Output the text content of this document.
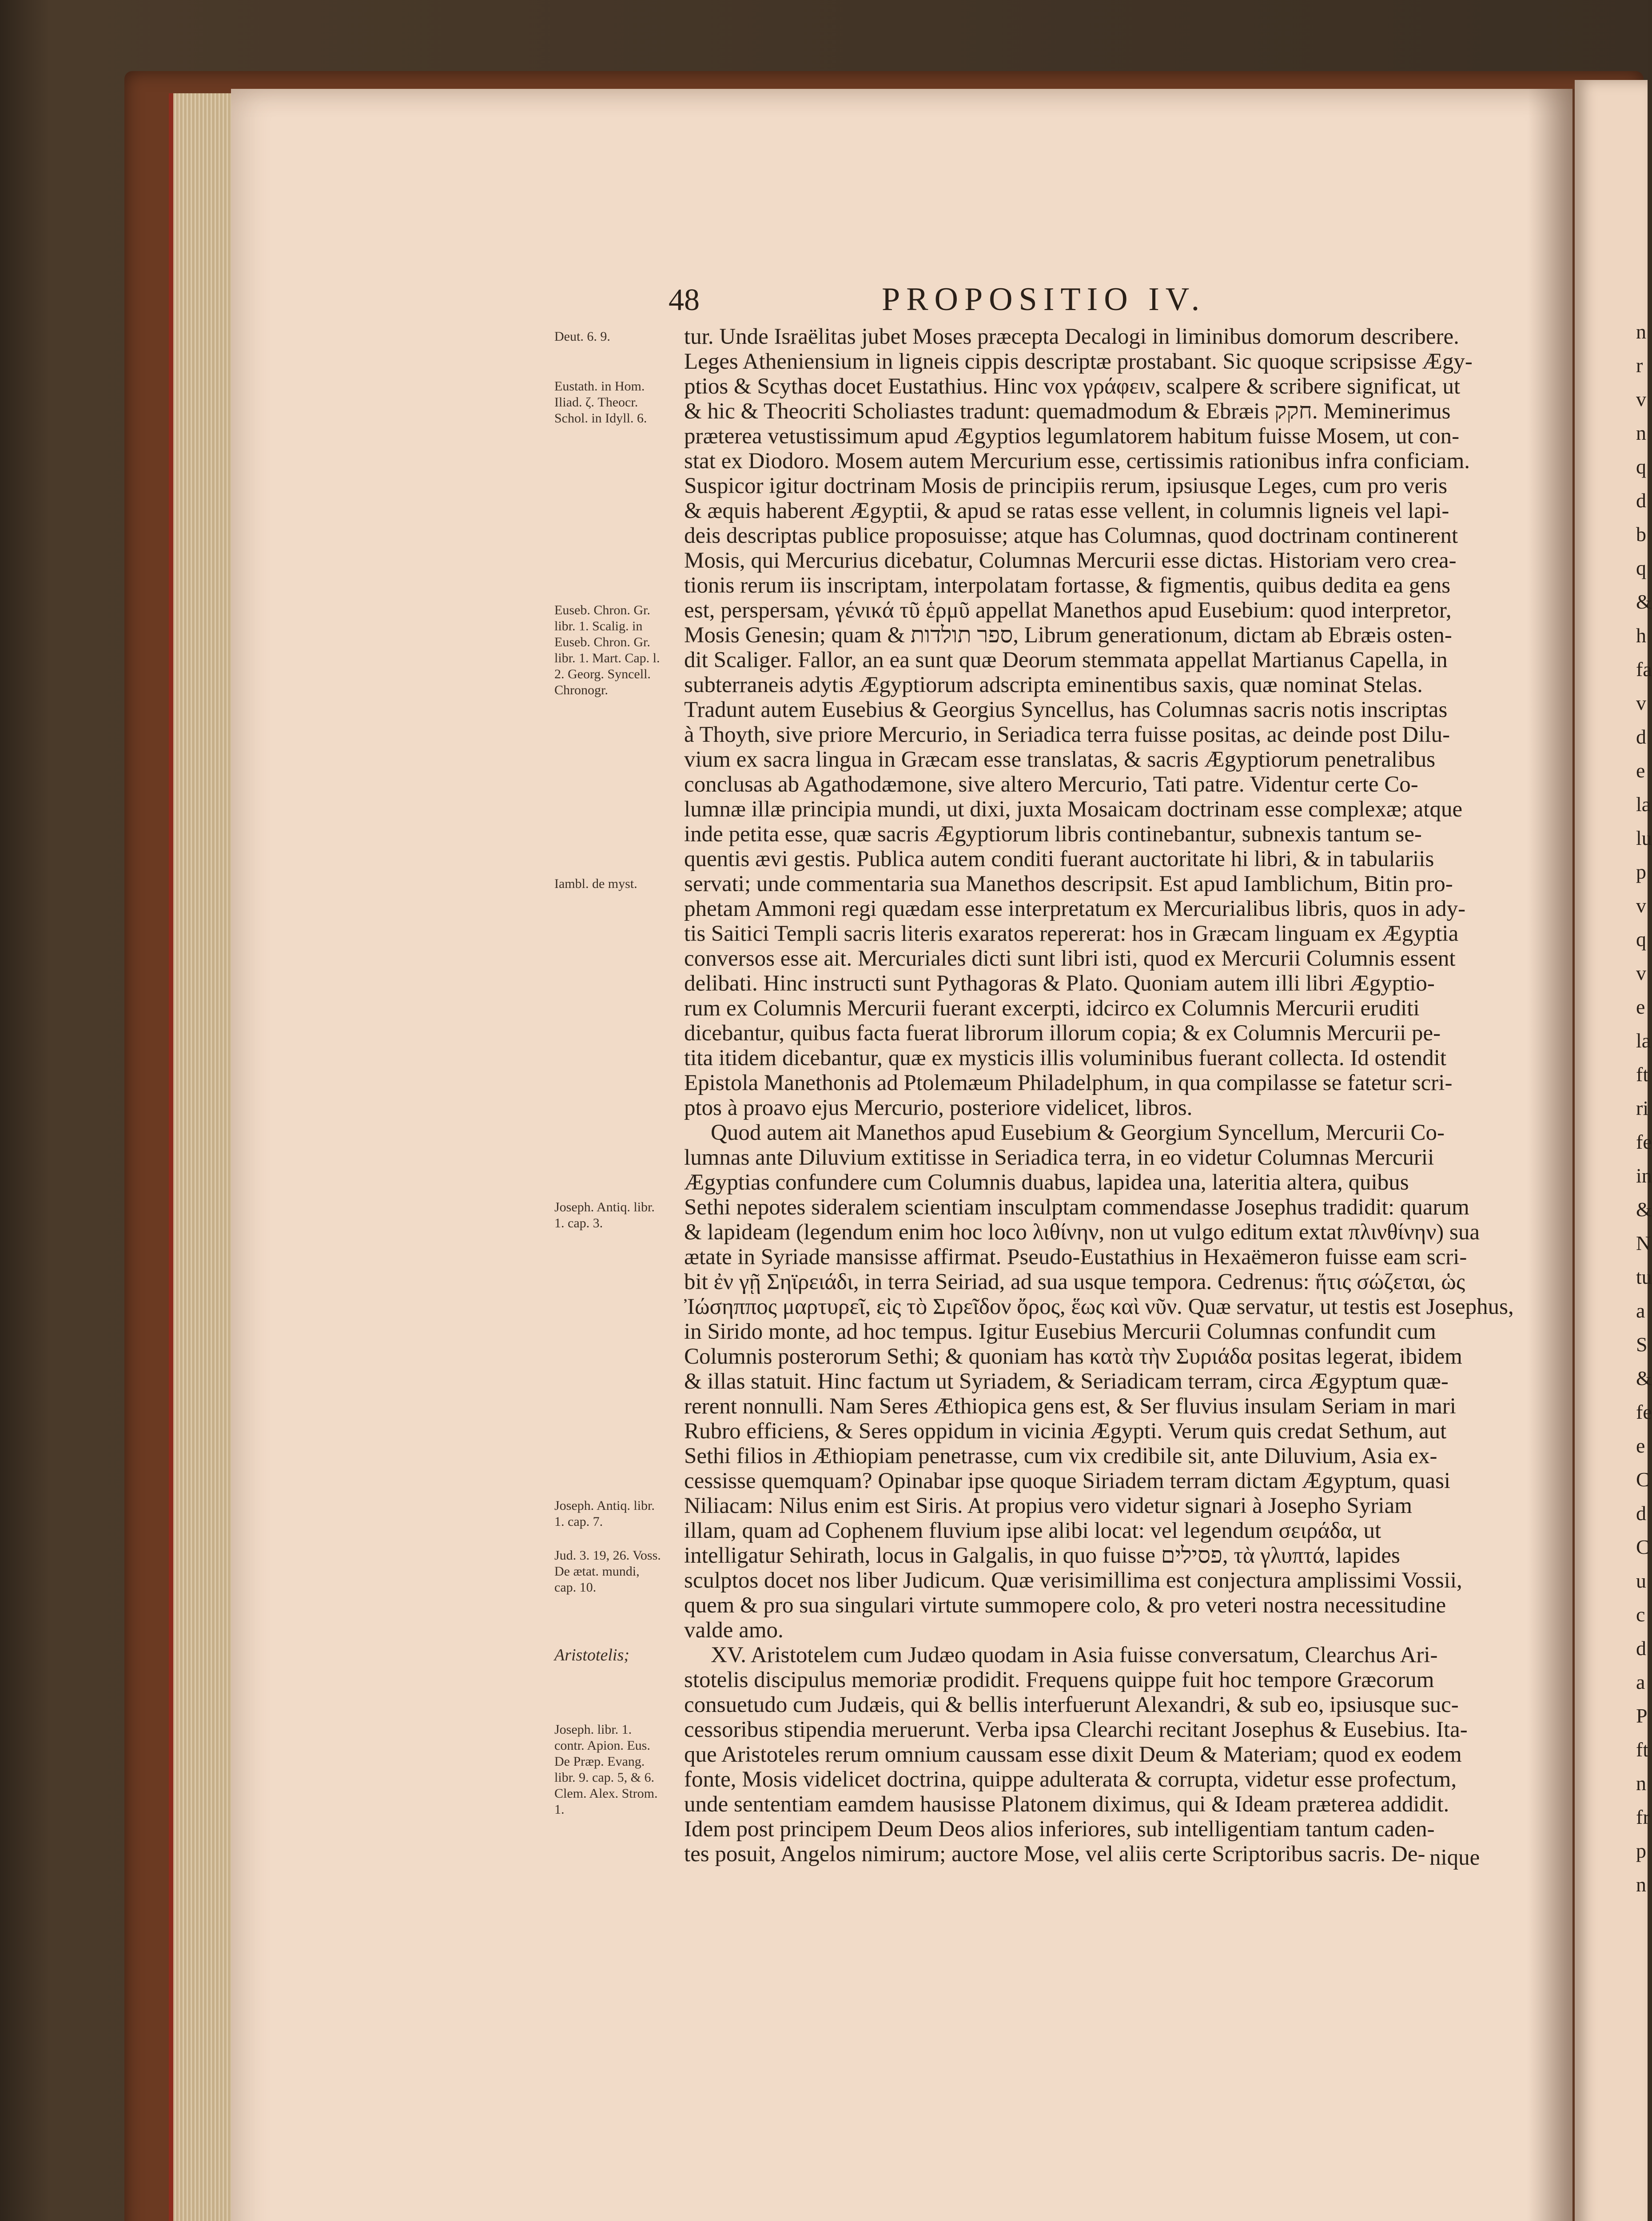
48	PROPOSITIO IV.
tur. Unde Israëlitas jubet Moses præcepta Decalogi in liminibus domorum describere.
Leges Atheniensium in ligneis cippis descriptæ prostabant. Sic quoque scripsisse Ægy-
ptios & Scythas docet Eustathius. Hinc vox γράφειν, scalpere & scribere significat, ut
& hic & Theocriti Scholiastes tradunt: quemadmodum & Ebræis חקק. Meminerimus
præterea vetustissimum apud Ægyptios legumlatorem habitum fuisse Mosem, ut con-
stat ex Diodoro. Mosem autem Mercurium esse, certissimis rationibus infra conficiam.
Suspicor igitur doctrinam Mosis de principiis rerum, ipsiusque Leges, cum pro veris
& æquis haberent Ægyptii, & apud se ratas esse vellent, in columnis ligneis vel lapi-
deis descriptas publice proposuisse; atque has Columnas, quod doctrinam continerent
Mosis, qui Mercurius dicebatur, Columnas Mercurii esse dictas. Historiam vero crea-
tionis rerum iis inscriptam, interpolatam fortasse, & figmentis, quibus dedita ea gens
est, perspersam, γένικά τῦ ἑρμῦ appellat Manethos apud Eusebium: quod interpretor,
Mosis Genesin; quam & ספר תולדות, Librum generationum, dictam ab Ebræis osten-
dit Scaliger. Fallor, an ea sunt quæ Deorum stemmata appellat Martianus Capella, in
subterraneis adytis Ægyptiorum adscripta eminentibus saxis, quæ nominat Stelas.
Tradunt autem Eusebius & Georgius Syncellus, has Columnas sacris notis inscriptas
à Thoyth, sive priore Mercurio, in Seriadica terra fuisse positas, ac deinde post Dilu-
vium ex sacra lingua in Græcam esse translatas, & sacris Ægyptiorum penetralibus
conclusas ab Agathodæmone, sive altero Mercurio, Tati patre. Videntur certe Co-
lumnæ illæ principia mundi, ut dixi, juxta Mosaicam doctrinam esse complexæ; atque
inde petita esse, quæ sacris Ægyptiorum libris continebantur, subnexis tantum se-
quentis ævi gestis. Publica autem conditi fuerant auctoritate hi libri, & in tabulariis
servati; unde commentaria sua Manethos descripsit. Est apud Iamblichum, Bitin pro-
phetam Ammoni regi quædam esse interpretatum ex Mercurialibus libris, quos in ady-
tis Saitici Templi sacris literis exaratos repererat: hos in Græcam linguam ex Ægyptia
conversos esse ait. Mercuriales dicti sunt libri isti, quod ex Mercurii Columnis essent
delibati. Hinc instructi sunt Pythagoras & Plato. Quoniam autem illi libri Ægyptio-
rum ex Columnis Mercurii fuerant excerpti, idcirco ex Columnis Mercurii eruditi
dicebantur, quibus facta fuerat librorum illorum copia; & ex Columnis Mercurii pe-
tita itidem dicebantur, quæ ex mysticis illis voluminibus fuerant collecta. Id ostendit
Epistola Manethonis ad Ptolemæum Philadelphum, in qua compilasse se fatetur scri-
ptos à proavo ejus Mercurio, posteriore videlicet, libros.
Quod autem ait Manethos apud Eusebium & Georgium Syncellum, Mercurii Co-
lumnas ante Diluvium extitisse in Seriadica terra, in eo videtur Columnas Mercurii
Ægyptias confundere cum Columnis duabus, lapidea una, lateritia altera, quibus
Sethi nepotes sideralem scientiam insculptam commendasse Josephus tradidit: quarum
& lapideam (legendum enim hoc loco λιθίνην, non ut vulgo editum extat πλινθίνην) sua
ætate in Syriade mansisse affirmat. Pseudo-Eustathius in Hexaëmeron fuisse eam scri-
bit ἐν γῇ Σηϊρειάδι, in terra Seiriad, ad sua usque tempora. Cedrenus: ἥτις σώζεται, ὡς
Ἰώσηππος μαρτυρεῖ, εἰς τὸ Σιρεῖδον ὄρος, ἕως καὶ νῦν. Quæ servatur, ut testis est Josephus,
in Sirido monte, ad hoc tempus. Igitur Eusebius Mercurii Columnas confundit cum
Columnis posterorum Sethi; & quoniam has κατὰ τὴν Συριάδα positas legerat, ibidem
& illas statuit. Hinc factum ut Syriadem, & Seriadicam terram, circa Ægyptum quæ-
rerent nonnulli. Nam Seres Æthiopica gens est, & Ser fluvius insulam Seriam in mari
Rubro efficiens, & Seres oppidum in vicinia Ægypti. Verum quis credat Sethum, aut
Sethi filios in Æthiopiam penetrasse, cum vix credibile sit, ante Diluvium, Asia ex-
cessisse quemquam? Opinabar ipse quoque Siriadem terram dictam Ægyptum, quasi
Niliacam: Nilus enim est Siris. At propius vero videtur signari à Josepho Syriam
illam, quam ad Cophenem fluvium ipse alibi locat: vel legendum σειράδα, ut
intelligatur Sehirath, locus in Galgalis, in quo fuisse פסילים, τὰ γλυπτά, lapides
sculptos docet nos liber Judicum. Quæ verisimillima est conjectura amplissimi Vossii,
quem & pro sua singulari virtute summopere colo, & pro veteri nostra necessitudine
valde amo.
XV. Aristotelem cum Judæo quodam in Asia fuisse conversatum, Clearchus Ari-
stotelis discipulus memoriæ prodidit. Frequens quippe fuit hoc tempore Græcorum
consuetudo cum Judæis, qui & bellis interfuerunt Alexandri, & sub eo, ipsiusque suc-
cessoribus stipendia meruerunt. Verba ipsa Clearchi recitant Josephus & Eusebius. Ita-
que Aristoteles rerum omnium caussam esse dixit Deum & Materiam; quod ex eodem
fonte, Mosis videlicet doctrina, quippe adulterata & corrupta, videtur esse profectum,
unde sententiam eamdem hausisse Platonem diximus, qui & Ideam præterea addidit.
Idem post principem Deum Deos alios inferiores, sub intelligentiam tantum caden-
tes posuit, Angelos nimirum; auctore Mose, vel aliis certe Scriptoribus sacris. De-
Deut. 6. 9.
Eustath. in Hom. Iliad. ζ. Theocr. Schol. in Idyll. 6.
Euseb. Chron. Gr. libr. 1. Scalig. in Euseb. Chron. Gr. libr. 1. Mart. Cap. l. 2. Georg. Syncell. Chronogr.
Iambl. de myst.
Joseph. Antiq. libr. 1. cap. 3.
Joseph. Antiq. libr. 1. cap. 7.
Jud. 3. 19, 26. Voss. De ætat. mundi, cap. 10.
Aristotelis;
Joseph. libr. 1. contr. Apion. Eus. De Præp. Evang. libr. 9. cap. 5, & 6. Clem. Alex. Strom. 1.
nique
n
r
v
n
q
d
b
q
&
h
fa
v
d
e
la
lu
p
v
q
v
e
la
ft
ri
fe
in
&
N
tu
a
S
&
fe
e
C
d
C
u
c
d
a
P
ft
n
fr
p
n
